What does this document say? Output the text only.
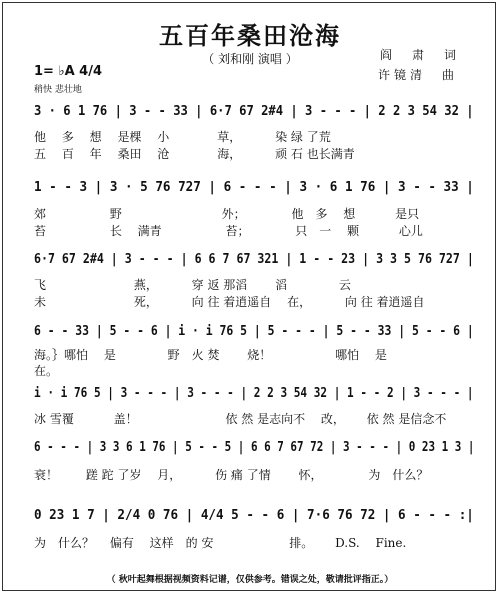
五百年桑田沧海
（ 刘和刚 演唱 ）	阎　肃　词
许镜清　曲
1= ♭A 4/4
稍快 悲壮地
3 · 6 1 76 | 3 - - 33 | 6·7 67 2#4 | 3 - - - | 2 2 3 54 32 |
他　 多　 想　 是棵　 小　　　　草，　　　 染 绿 了荒
五　 百　 年　 桑田　 沧　　　　海，　　　 顽 石 也长满青
1 - - 3 | 3 · 5 76 727 | 6 - - - | 3 · 6 1 76 | 3 - - 33 |
郊　　　　　 野　　　　　　　　 外；　　　　 他　多　 想　　　 是只
苔　　　　　 长　 满青　　　　　 苔；　　　　 只　一　 颗　　　 心儿
6·7 67 2#4 | 3 - - - | 6 6 7 67 321 | 1 - - 23 | 3 3 5 76 727 |
飞　　　　　　　 燕，　　　 穿 返 那滔　　 滔　　　　 云
未　　　　　　　 死，　　　 向 往 着逍遥自　 在，　　　 向 往 着逍遥自
6 - - 33 | 5 - - 6 | i · i 76 5 | 5 - - - | 5 - - 33 | 5 - - 6 |
海。｝哪怕　 是　　　　 野　火 焚　　 烧！　　　　　 哪怕　 是
在。
i · i 76 5 | 3 - - - | 3 - - - | 2 2 3 54 32 | 1 - - 2 | 3 - - - |
冰 雪覆　　　 盖！　　　　　　　 依 然 是志向不　 改，　　 依 然 是信念不
6 - - - | 3 3 6 1 76 | 5 - - 5 | 6 6 7 67 72 | 3 - - - | 0 23 1 3 |
衰！　　 蹉 跎 了岁　 月，　　　 伤 痛 了情　　 怀，　　　　 为　什么？
0 23 1 7 | 2/4 0 76 | 4/4 5 - - 6 | 7·6 76 72 | 6 - - - :|
为　什么？　 偏有　 这样　的 安　　　　　　 排。　　 D.S.　 Fine.
（ 秋叶起舞根据视频资料记谱，仅供参考。错误之处，敬请批评指正。）
